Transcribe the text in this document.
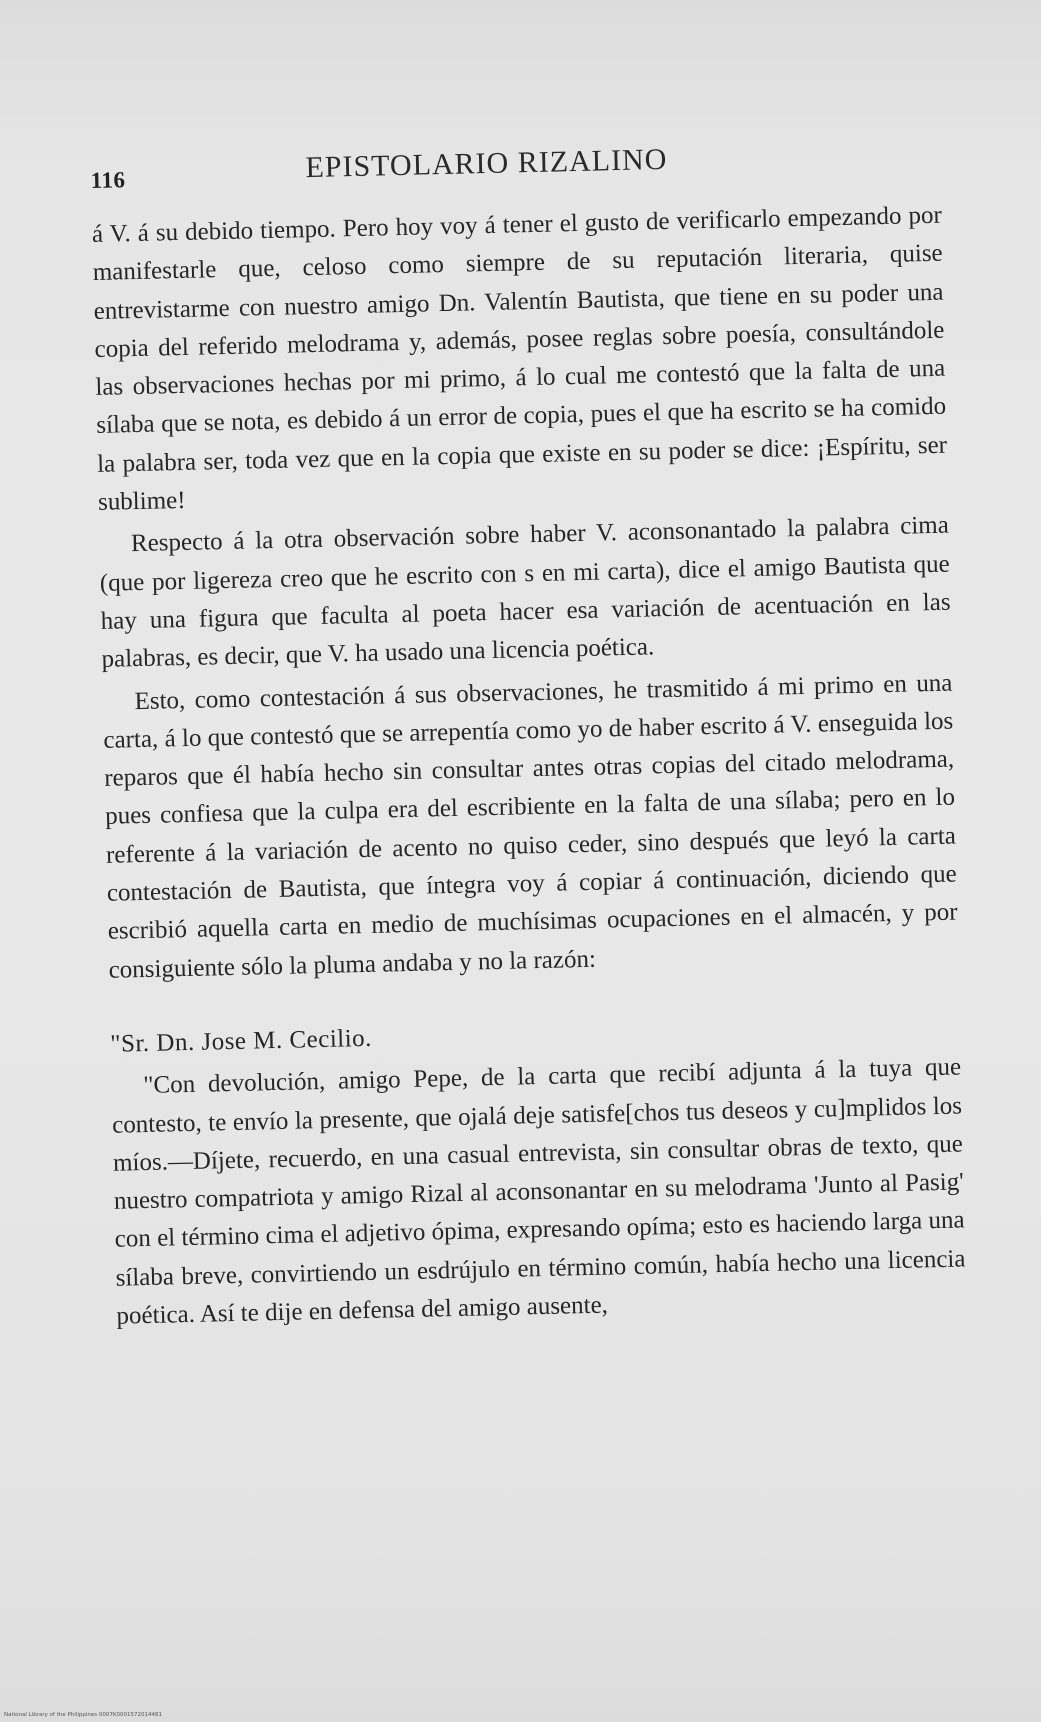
116	EPISTOLARIO RIZALINO

á V. á su debido tiempo. Pero hoy voy á tener el gusto de verificarlo empezando por manifestarle que, celoso como siempre de su reputación literaria, quise entrevistarme con nuestro amigo Dn. Valentín Bautista, que tiene en su poder una copia del referido melodrama y, además, posee reglas sobre poesía, consultándole las observaciones hechas por mi primo, á lo cual me contestó que la falta de una sílaba que se nota, es debido á un error de copia, pues el que ha escrito se ha comido la palabra ser, toda vez que en la copia que existe en su poder se dice: ¡Espíritu, ser sublime!

Respecto á la otra observación sobre haber V. aconsonantado la palabra cima (que por ligereza creo que he escrito con s en mi carta), dice el amigo Bautista que hay una figura que faculta al poeta hacer esa variación de acentuación en las palabras, es decir, que V. ha usado una licencia poética.

Esto, como contestación á sus observaciones, he trasmitido á mi primo en una carta, á lo que contestó que se arrepentía como yo de haber escrito á V. enseguida los reparos que él había hecho sin consultar antes otras copias del citado melodrama, pues confiesa que la culpa era del escribiente en la falta de una sílaba; pero en lo referente á la variación de acento no quiso ceder, sino después que leyó la carta contestación de Bautista, que íntegra voy á copiar á continuación, diciendo que escribió aquella carta en medio de muchísimas ocupaciones en el almacén, y por consiguiente sólo la pluma andaba y no la razón:

"Sr. Dn. Jose M. Cecilio.

"Con devolución, amigo Pepe, de la carta que recibí adjunta á la tuya que contesto, te envío la presente, que ojalá deje satisfe[chos tus deseos y cu]mplidos los míos.—Díjete, recuerdo, en una casual entrevista, sin consultar obras de texto, que nuestro compatriota y amigo Rizal al aconsonantar en su melodrama 'Junto al Pasig' con el término cima el adjetivo ópima, expresando opíma; esto es haciendo larga una sílaba breve, convirtiendo un esdrújulo en término común, había hecho una licencia poética. Así te dije en defensa del amigo ausente,

National Library of the Philippines 0007K0001572014481
